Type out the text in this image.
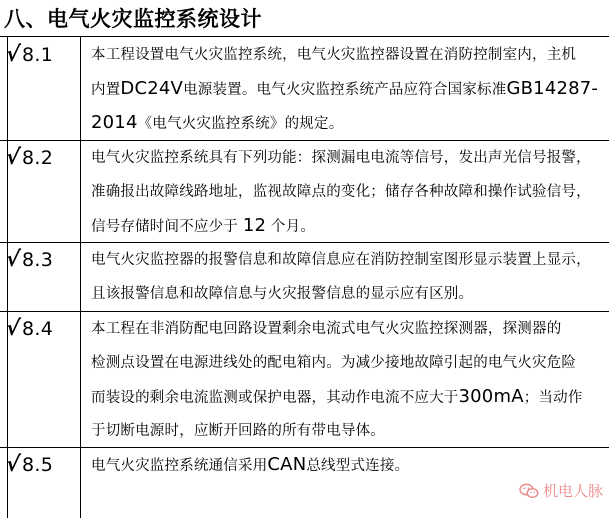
八、电气火灾监控系统设计
√8.1	本工程设置电气火灾监控系统，电气火灾监控器设置在消防控制室内，主机
内置DC24V电源装置。电气火灾监控系统产品应符合国家标准GB14287-
2014《电气火灾监控系统》的规定。
√8.2	电气火灾监控系统具有下列功能：探测漏电电流等信号，发出声光信号报警，
准确报出故障线路地址，监视故障点的变化；储存各种故障和操作试验信号，
信号存储时间不应少于 12 个月。
√8.3	电气火灾监控器的报警信息和故障信息应在消防控制室图形显示装置上显示，
且该报警信息和故障信息与火灾报警信息的显示应有区别。
√8.4	本工程在非消防配电回路设置剩余电流式电气火灾监控探测器，探测器的
检测点设置在电源进线处的配电箱内。为减少接地故障引起的电气火灾危险
而装设的剩余电流监测或保护电器，其动作电流不应大于300mA；当动作
于切断电源时，应断开回路的所有带电导体。
√8.5	电气火灾监控系统通信采用CAN总线型式连接。
机电人脉
